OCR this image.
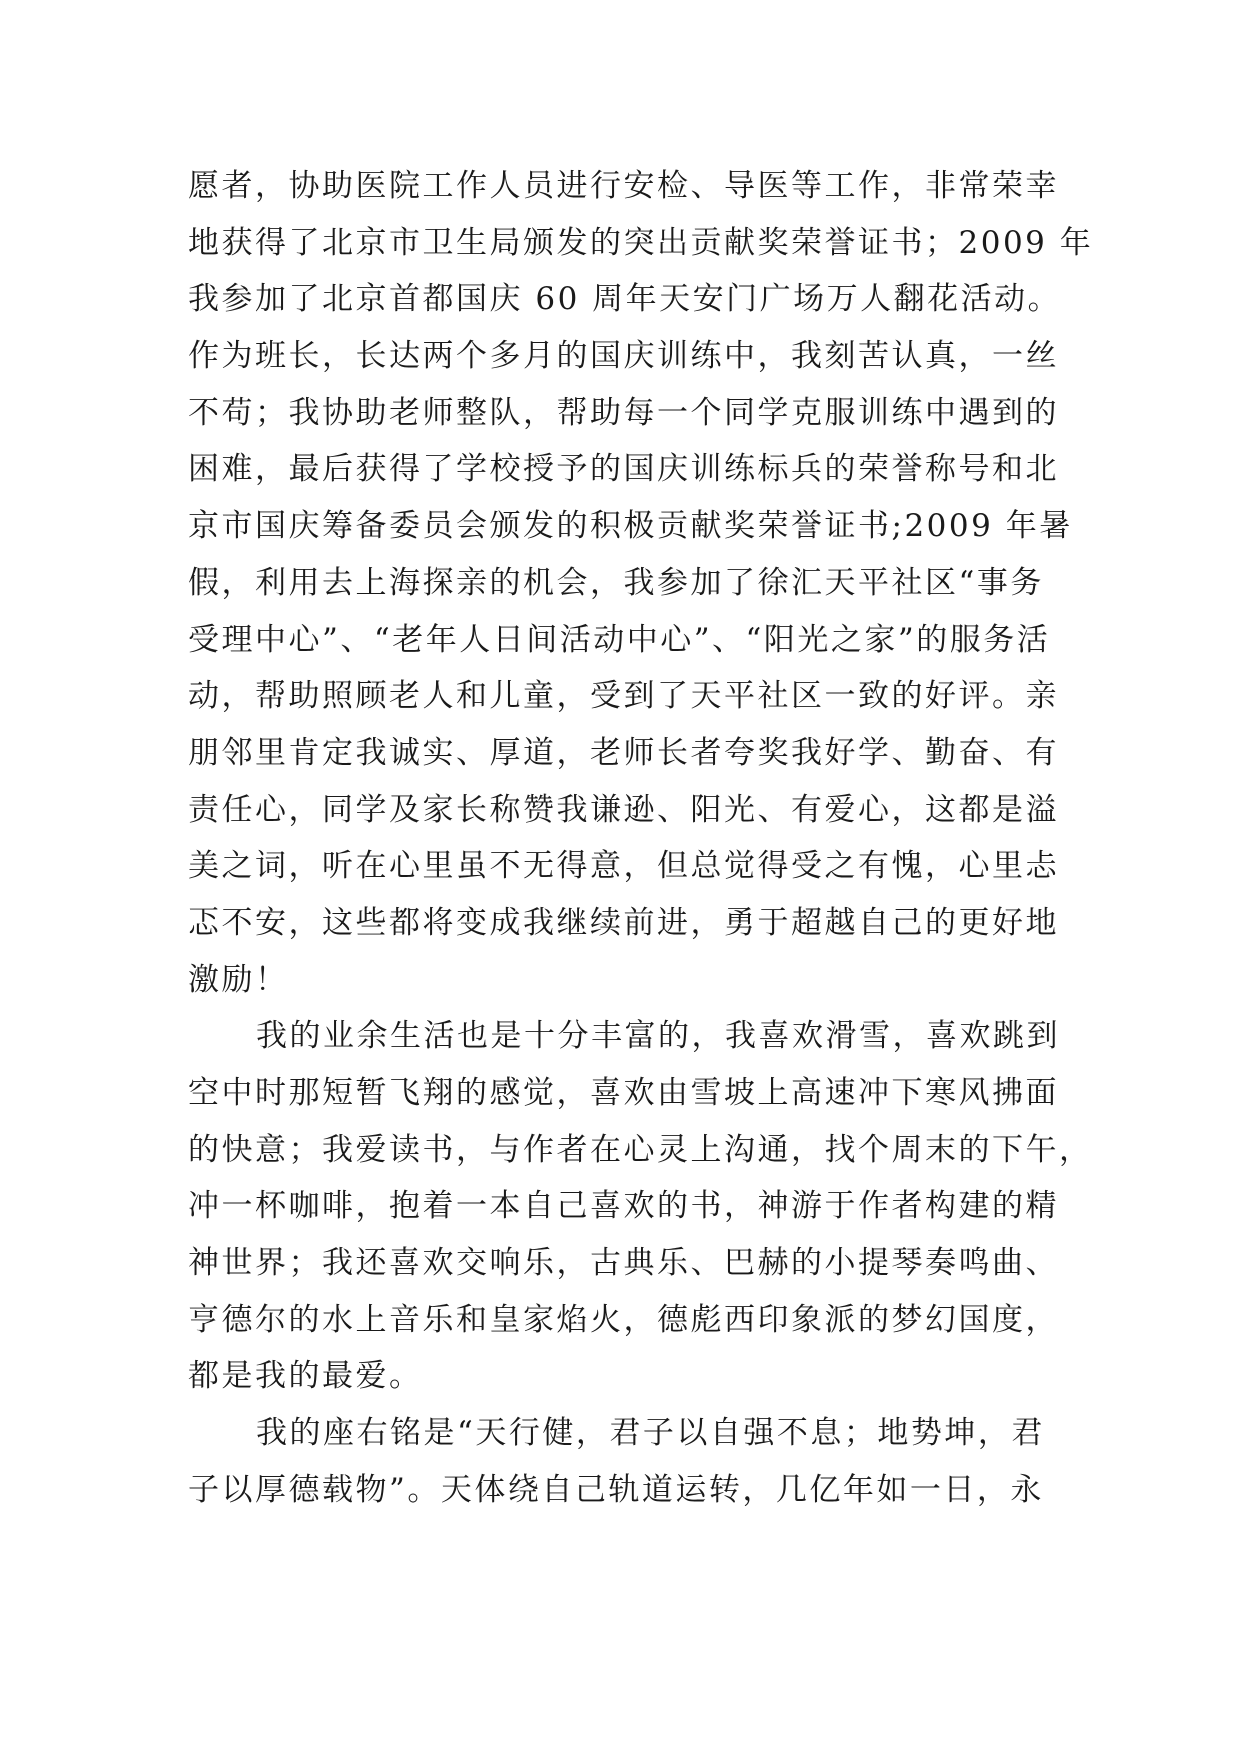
愿者，协助医院工作人员进行安检、导医等工作，非常荣幸
地获得了北京市卫生局颁发的突出贡献奖荣誉证书；2009 年
我参加了北京首都国庆 60 周年天安门广场万人翻花活动。
作为班长，长达两个多月的国庆训练中，我刻苦认真，一丝
不苟；我协助老师整队，帮助每一个同学克服训练中遇到的
困难，最后获得了学校授予的国庆训练标兵的荣誉称号和北
京市国庆筹备委员会颁发的积极贡献奖荣誉证书;2009 年暑
假，利用去上海探亲的机会，我参加了徐汇天平社区“事务
受理中心”、“老年人日间活动中心”、“阳光之家”的服务活
动，帮助照顾老人和儿童，受到了天平社区一致的好评。亲
朋邻里肯定我诚实、厚道，老师长者夸奖我好学、勤奋、有
责任心，同学及家长称赞我谦逊、阳光、有爱心，这都是溢
美之词，听在心里虽不无得意，但总觉得受之有愧，心里忐
忑不安，这些都将变成我继续前进，勇于超越自己的更好地
激励！
我的业余生活也是十分丰富的，我喜欢滑雪，喜欢跳到
空中时那短暂飞翔的感觉，喜欢由雪坡上高速冲下寒风拂面
的快意；我爱读书，与作者在心灵上沟通，找个周末的下午，
冲一杯咖啡，抱着一本自己喜欢的书，神游于作者构建的精
神世界；我还喜欢交响乐，古典乐、巴赫的小提琴奏鸣曲、
亨德尔的水上音乐和皇家焰火，德彪西印象派的梦幻国度，
都是我的最爱。
我的座右铭是“天行健，君子以自强不息；地势坤，君
子以厚德载物”。天体绕自己轨道运转，几亿年如一日，永
